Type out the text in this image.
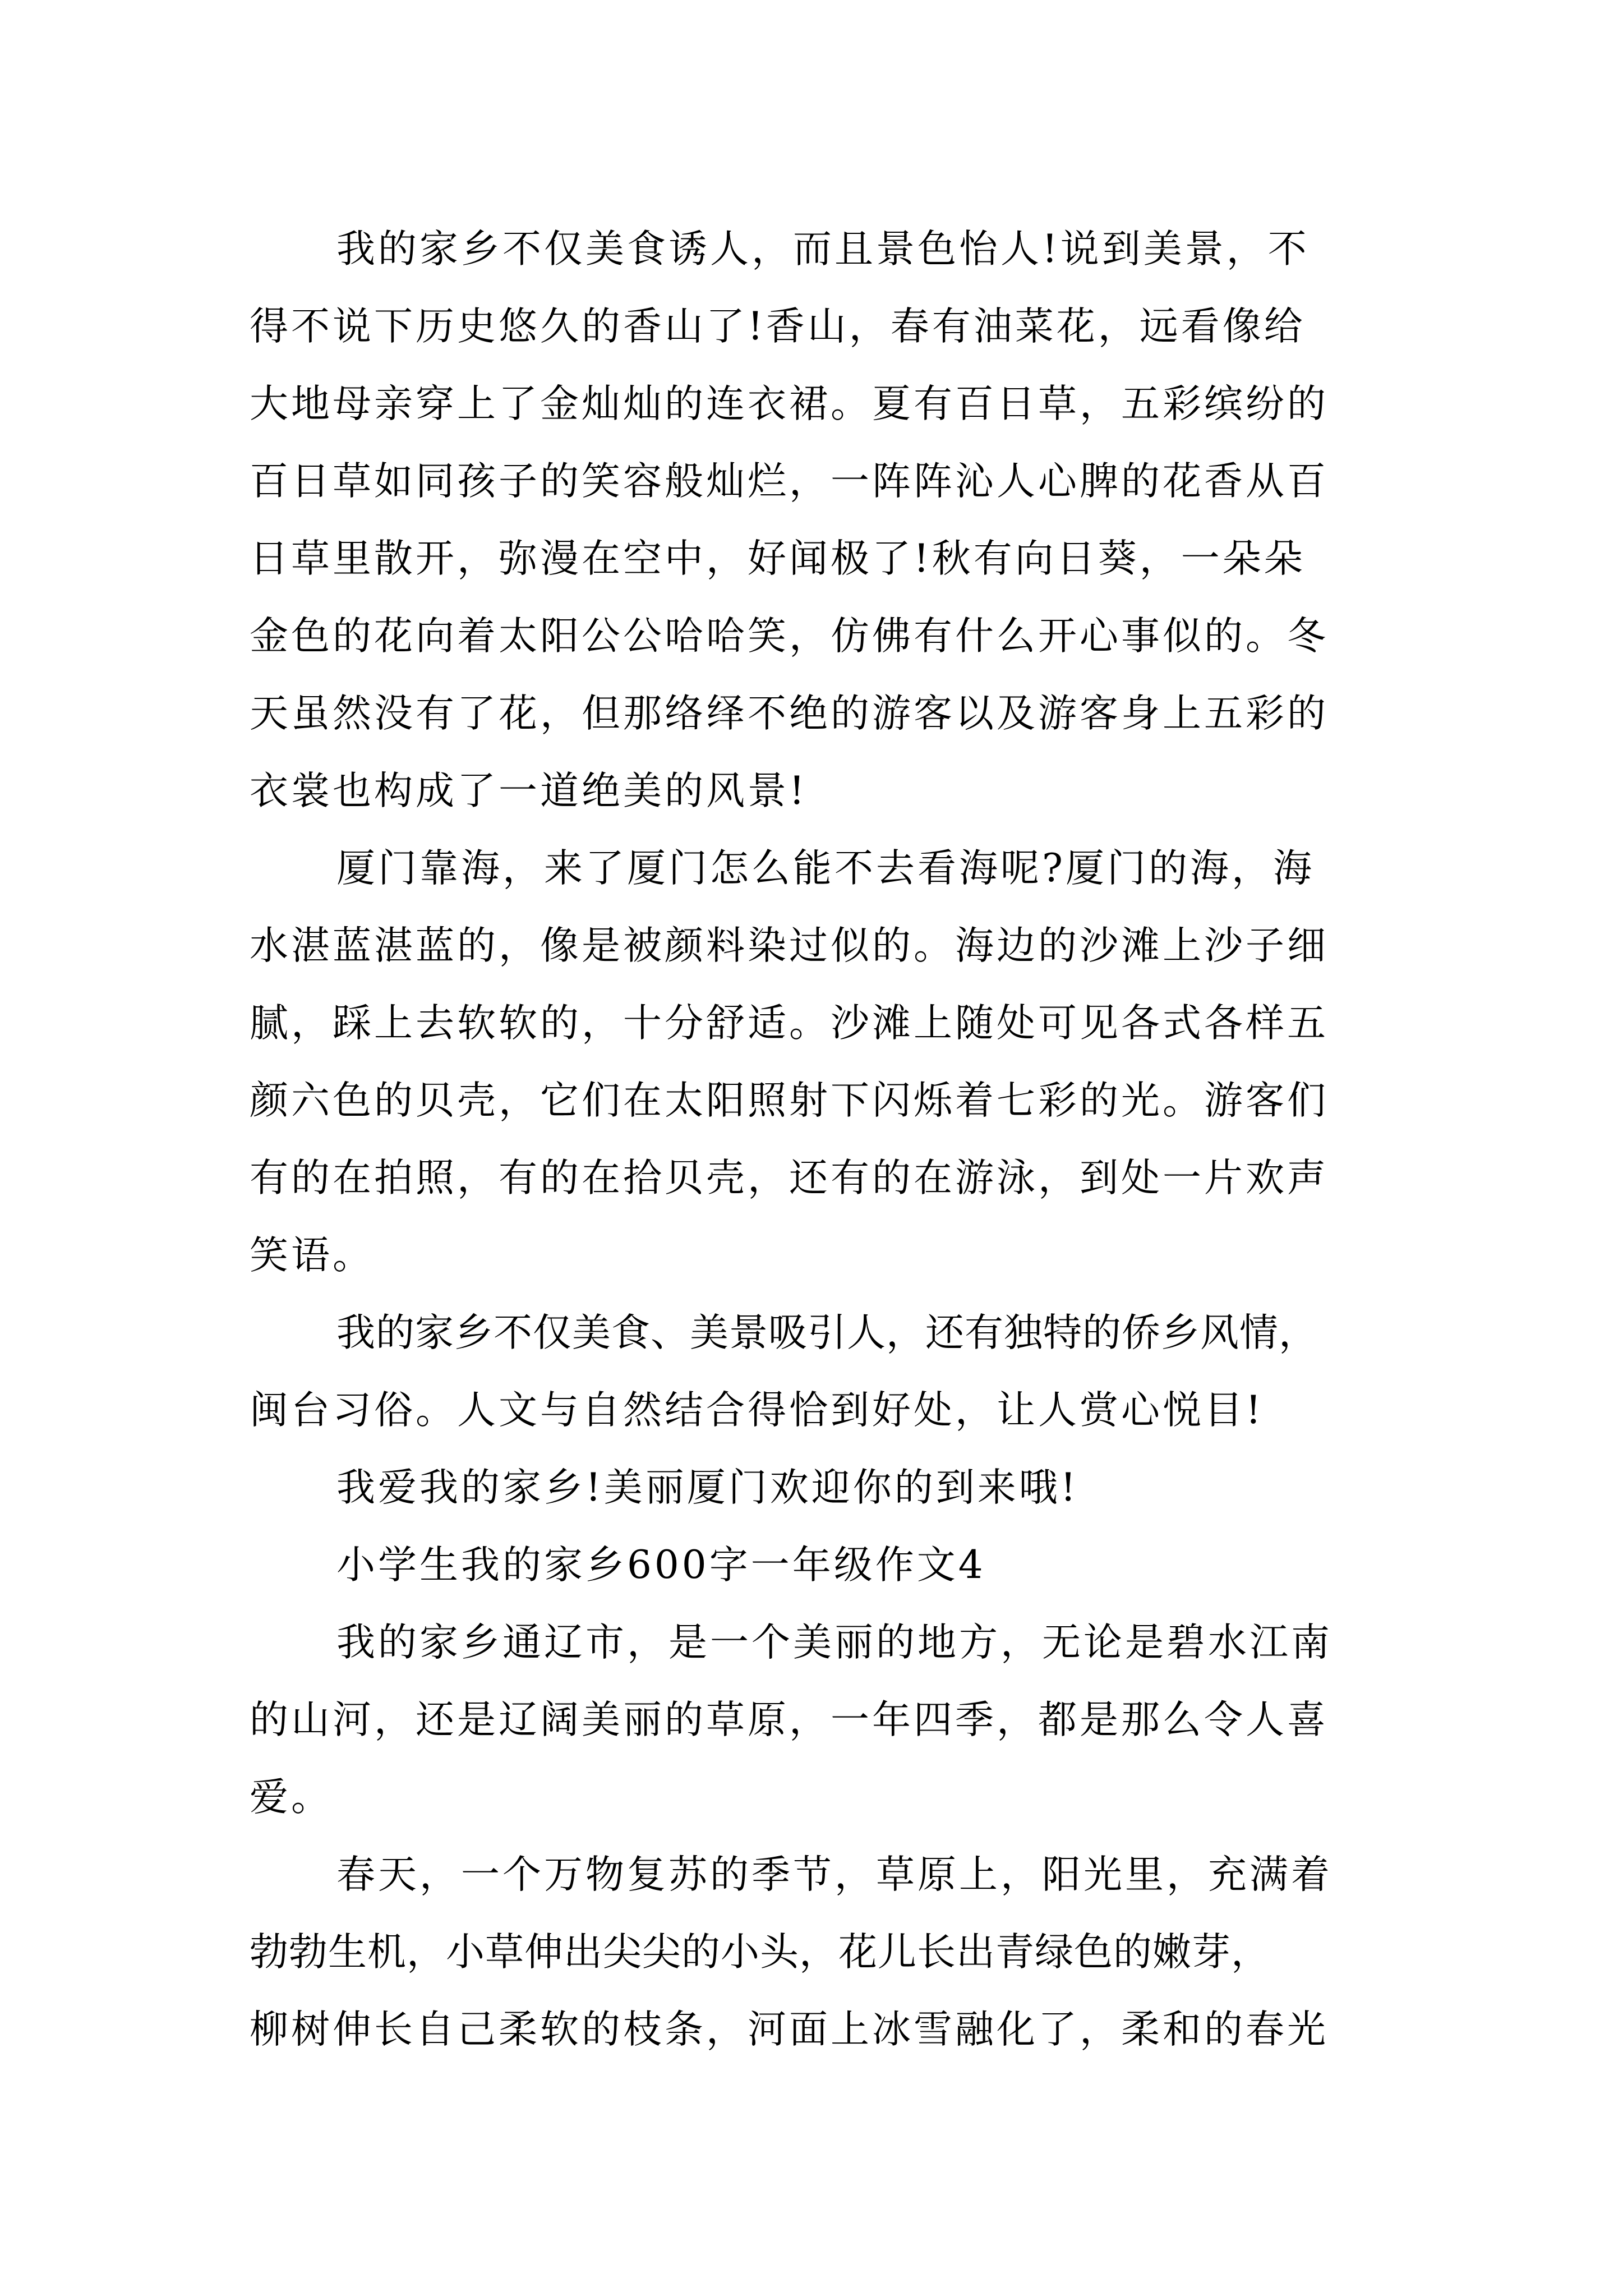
我的家乡不仅美食诱人，而且景色怡人!说到美景，不
得不说下历史悠久的香山了!香山，春有油菜花，远看像给
大地母亲穿上了金灿灿的连衣裙。夏有百日草，五彩缤纷的
百日草如同孩子的笑容般灿烂，一阵阵沁人心脾的花香从百
日草里散开，弥漫在空中，好闻极了!秋有向日葵，一朵朵
金色的花向着太阳公公哈哈笑，仿佛有什么开心事似的。冬
天虽然没有了花，但那络绎不绝的游客以及游客身上五彩的
衣裳也构成了一道绝美的风景!
厦门靠海，来了厦门怎么能不去看海呢?厦门的海，海
水湛蓝湛蓝的，像是被颜料染过似的。海边的沙滩上沙子细
腻，踩上去软软的，十分舒适。沙滩上随处可见各式各样五
颜六色的贝壳，它们在太阳照射下闪烁着七彩的光。游客们
有的在拍照，有的在拾贝壳，还有的在游泳，到处一片欢声
笑语。
我的家乡不仅美食、美景吸引人，还有独特的侨乡风情，
闽台习俗。人文与自然结合得恰到好处，让人赏心悦目!
我爱我的家乡!美丽厦门欢迎你的到来哦!
小学生我的家乡600字一年级作文4
我的家乡通辽市，是一个美丽的地方，无论是碧水江南
的山河，还是辽阔美丽的草原，一年四季，都是那么令人喜
爱。
春天，一个万物复苏的季节，草原上，阳光里，充满着
勃勃生机，小草伸出尖尖的小头，花儿长出青绿色的嫩芽，
柳树伸长自己柔软的枝条，河面上冰雪融化了，柔和的春光
